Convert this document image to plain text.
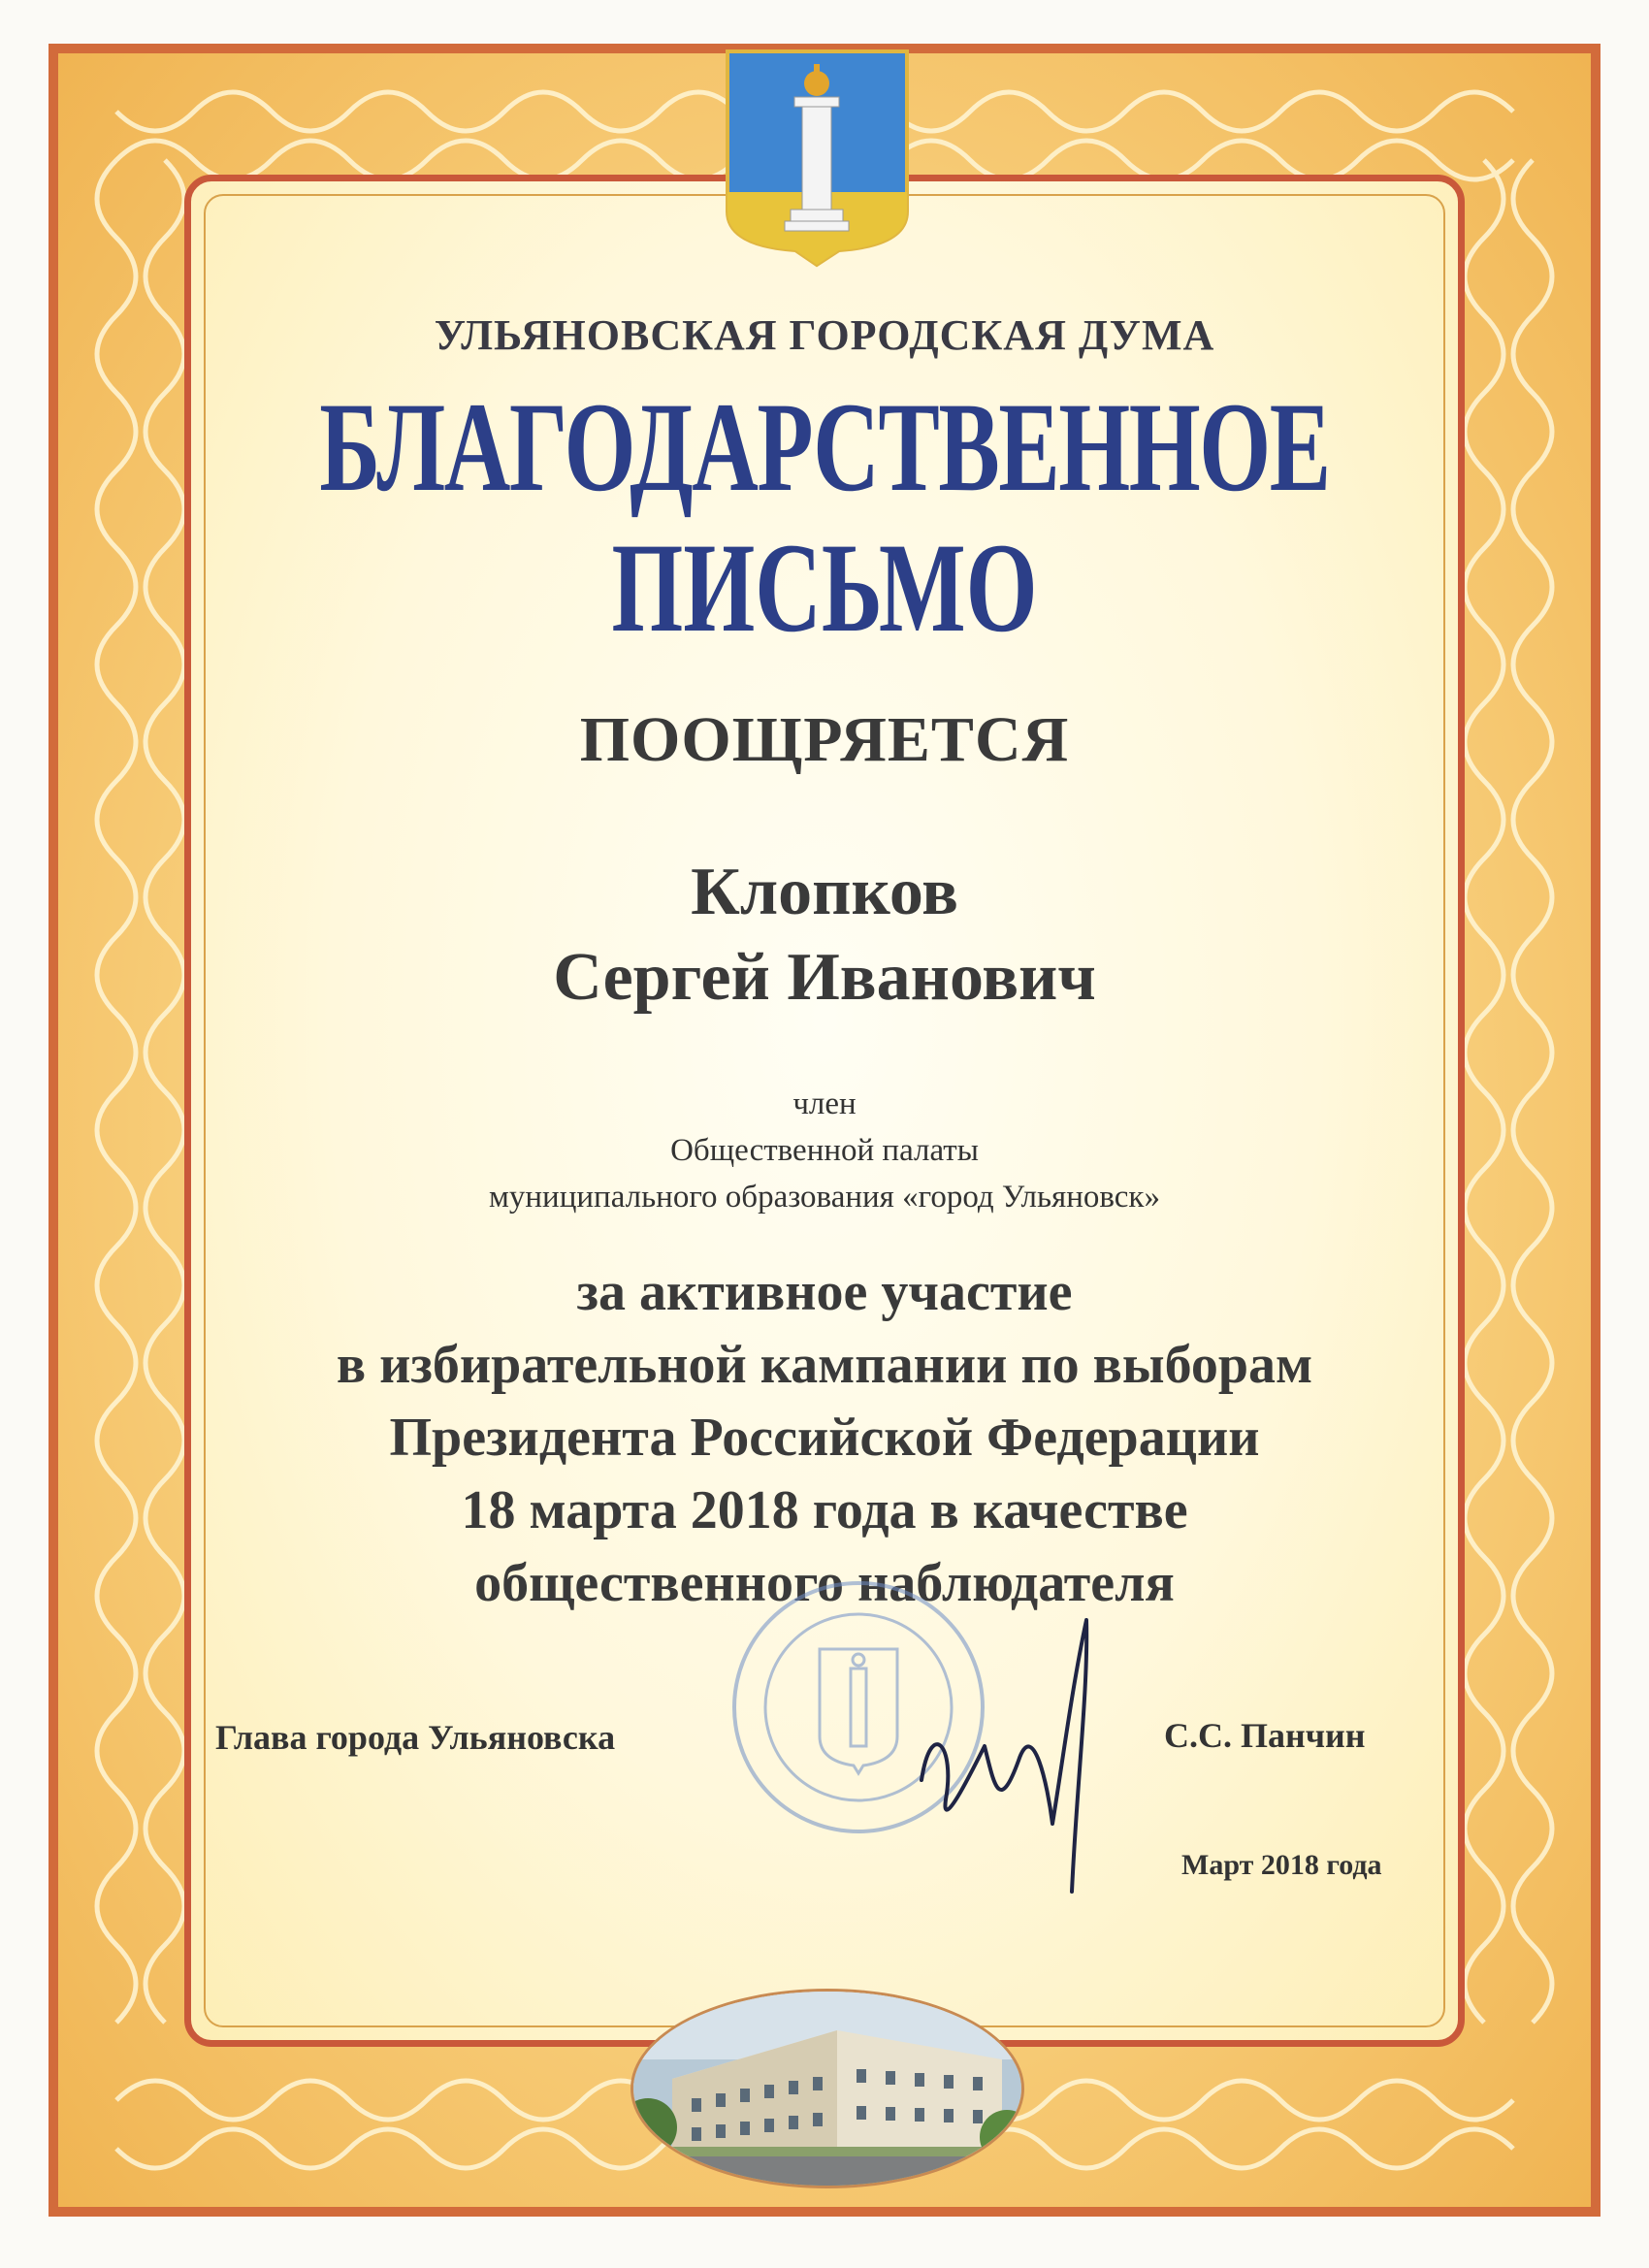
УЛЬЯНОВСКАЯ ГОРОДСКАЯ ДУМА
БЛАГОДАРСТВЕННОЕ
ПИСЬМО
ПООЩРЯЕТСЯ
Клопков
Сергей Иванович
член
Общественной палаты
муниципального образования «город Ульяновск»
за активное участие
в избирательной кампании по выборам
Президента Российской Федерации
18 марта 2018 года в качестве
общественного наблюдателя
Глава города Ульяновска	С.С. Панчин
Март 2018 года
